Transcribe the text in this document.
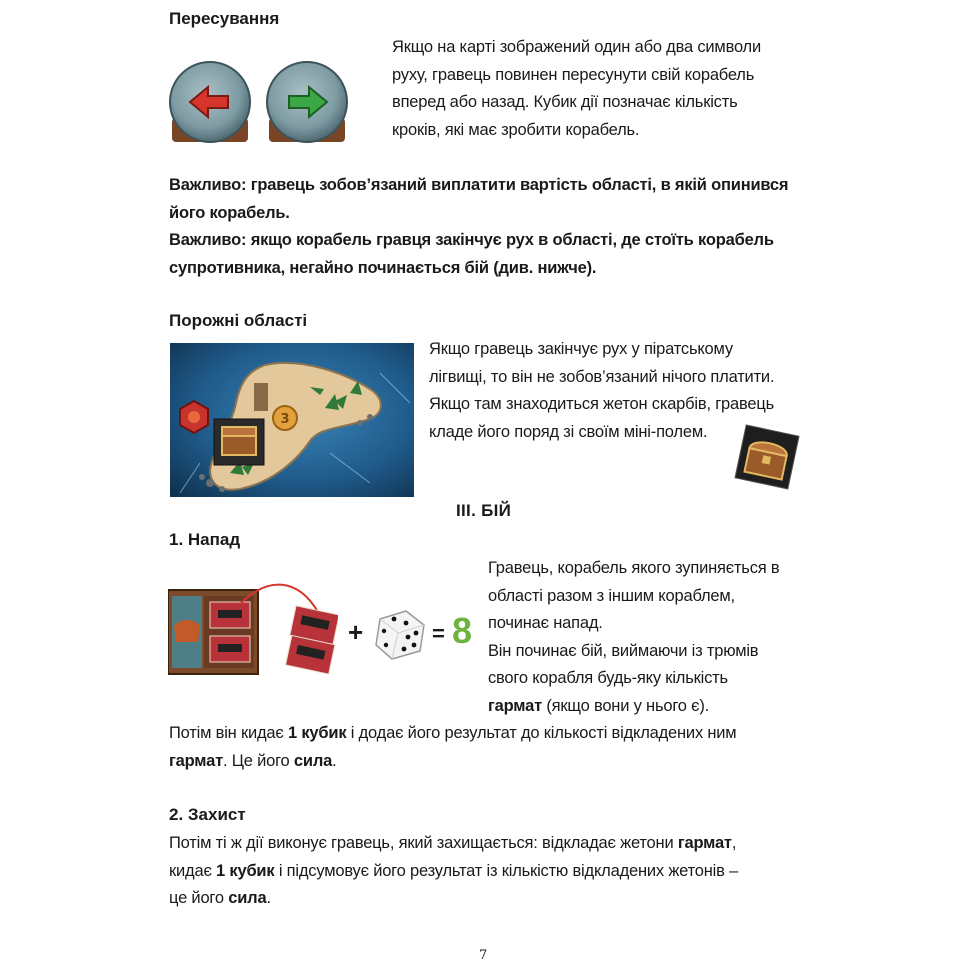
Пересування
Якщо на карті зображений один або два символи
руху, гравець повинен пересунути свій корабель
вперед або назад. Кубик дії позначає кількість
кроків, які має зробити корабель.
Важливо: гравець зобов’язаний виплатити вартість області, в якій опинився
його корабель.
Важливо: якщо корабель гравця закінчує рух в області, де стоїть корабель
супротивника, негайно починається бій (див. нижче).
Порожні області
3
Якщо гравець закінчує рух у піратському
лігвищі, то він не зобов’язаний нічого платити.
Якщо там знаходиться жетон скарбів, гравець
кладе його поряд зі своїм міні-полем.
III. БІЙ
1. Напад
+	= 8
Гравець, корабель якого зупиняється в
області разом з іншим кораблем,
починає напад.
Він починає бій, виймаючи із трюмів
свого корабля будь-яку кількість
гармат (якщо вони у нього є).
Потім він кидає 1 кубик і додає його результат до кількості відкладених ним
гармат. Це його сила.
2. Захист
Потім ті ж дії виконує гравець, який захищається: відкладає жетони гармат,
кидає 1 кубик і підсумовує його результат із кількістю відкладених жетонів –
це його сила.
7
